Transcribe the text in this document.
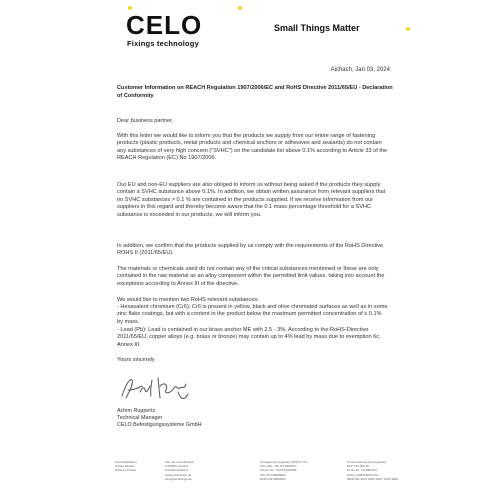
CELO
Fixings technology
Small Things Matter
Aichach, Jan 03, 2024
Customer Information on REACH Regulation 1907/2006/EC and RoHS Directive 2011/65/EU - Declaration of Conformity

Dear business partner,

With this letter we would like to inform you that the products we supply from our entire range of fastening products (plastic products, metal products and chemical anchors or adhesives and sealants) do not contain any substances of very high concern ("SVHC") on the candidate list above 0.1% according to Article 33 of the REACH Regulation (EC) No 1907/2006.

Our EU and non-EU suppliers are also obliged to inform us without being asked if the products they supply contain a SVHC substance above 0.1%. In addition, we obtain written assurance from relevant suppliers that no SVHC substances > 0.1 % are contained in the products supplied. If we receive information from our suppliers in this regard and thereby become aware that the 0.1 mass percentage threshold for a SVHC substance is exceeded in our products, we will inform you.

In addition, we confirm that the products supplied by us comply with the requirements of the RoHS Directive ROHS II (2011/65/EU).

The materials or chemicals used do not contain any of the critical substances mentioned or these are only contained in the raw material as an alloy component within the permitted limit values, taking into account the exceptions according to Annex III of the directive.

We would like to mention two RoHS relevant substances:

- Hexavalent chromium (Cr6): Cr6 is present in yellow, black and olive chromated surfaces as well as in some zinc flake coatings, but with a content in the product below the maximum permitted concentration of ≤ 0.1% by mass.

- Lead (Pb): Lead is contained in our brass anchor ME with 2.5 - 3%. According to the RoHS-Directive 2011/65/EU, copper alloys (e.g. brass or bronze) may contain up to 4% lead by mass due to exemption 6c, Annex III.

Yours sincerely

Achim Ruppertz
Technical Manager
CELO Befestigungssysteme GmbH
Geschäftsführer
Stefan Mintgis
Daniel Cerrada
Sitz der Gesellschaft
D-86551 Aichach
Industriestraße 6
www.celofixings.de
info@celofixings.de
Amtsgericht Augsburg HRB 17773
USt-IdNr.: DE 2772868OO
Steuer-Nr.: 102/123/30455
UID ATU44885905
EORI DE 8980052
Commerzbank AG Augsburg
BLZ 720 400 46
Konto-Nr. 7116863UU
Swift: COBADEFFXXX
IBAN DE 1072 0400 4607 1456 3000
